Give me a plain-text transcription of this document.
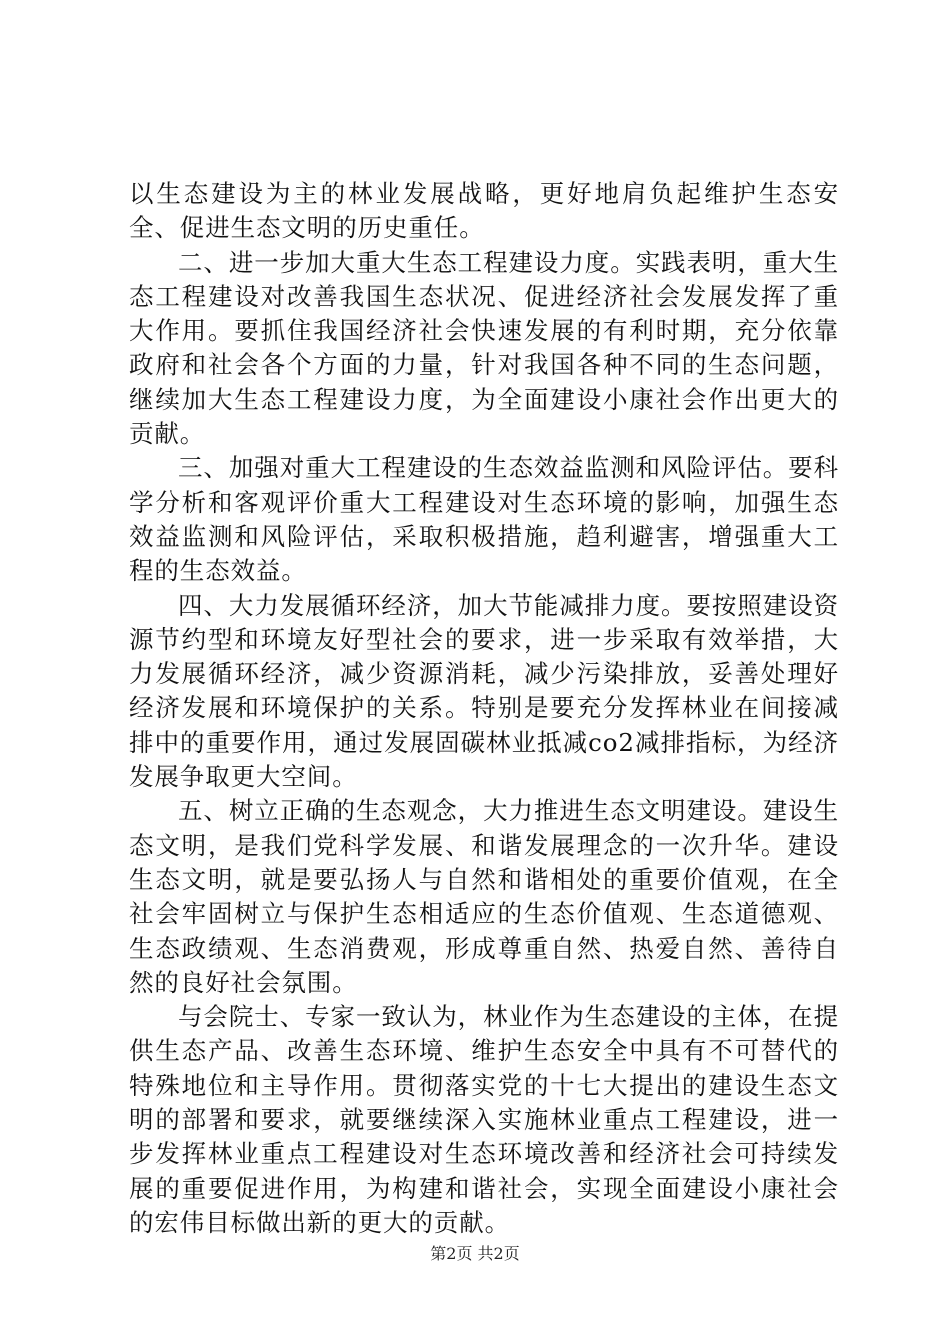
以生态建设为主的林业发展战略，更好地肩负起维护生态安全、促进生态文明的历史重任。

二、进一步加大重大生态工程建设力度。实践表明，重大生态工程建设对改善我国生态状况、促进经济社会发展发挥了重大作用。要抓住我国经济社会快速发展的有利时期，充分依靠政府和社会各个方面的力量，针对我国各种不同的生态问题，继续加大生态工程建设力度，为全面建设小康社会作出更大的贡献。

三、加强对重大工程建设的生态效益监测和风险评估。要科学分析和客观评价重大工程建设对生态环境的影响，加强生态效益监测和风险评估，采取积极措施，趋利避害，增强重大工程的生态效益。

四、大力发展循环经济，加大节能减排力度。要按照建设资源节约型和环境友好型社会的要求，进一步采取有效举措，大力发展循环经济，减少资源消耗，减少污染排放，妥善处理好经济发展和环境保护的关系。特别是要充分发挥林业在间接减排中的重要作用，通过发展固碳林业抵减co2减排指标，为经济发展争取更大空间。

五、树立正确的生态观念，大力推进生态文明建设。建设生态文明，是我们党科学发展、和谐发展理念的一次升华。建设生态文明，就是要弘扬人与自然和谐相处的重要价值观，在全社会牢固树立与保护生态相适应的生态价值观、生态道德观、生态政绩观、生态消费观，形成尊重自然、热爱自然、善待自然的良好社会氛围。

与会院士、专家一致认为，林业作为生态建设的主体，在提供生态产品、改善生态环境、维护生态安全中具有不可替代的特殊地位和主导作用。贯彻落实党的十七大提出的建设生态文明的部署和要求，就要继续深入实施林业重点工程建设，进一步发挥林业重点工程建设对生态环境改善和经济社会可持续发展的重要促进作用，为构建和谐社会，实现全面建设小康社会的宏伟目标做出新的更大的贡献。

第2页 共2页
